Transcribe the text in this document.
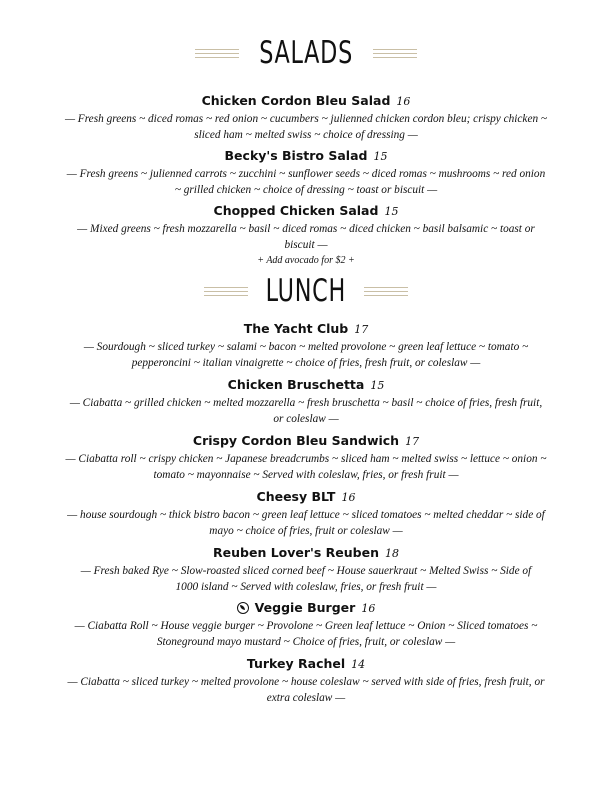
SALADS
Chicken Cordon Bleu Salad 16
— Fresh greens ~ diced romas ~ red onion ~ cucumbers ~ julienned chicken cordon bleu; crispy chicken ~
sliced ham ~ melted swiss ~ choice of dressing —
Becky's Bistro Salad 15
— Fresh greens ~ julienned carrots ~ zucchini ~ sunflower seeds ~ diced romas ~ mushrooms ~ red onion
~ grilled chicken ~ choice of dressing ~ toast or biscuit —
Chopped Chicken Salad 15
— Mixed greens ~ fresh mozzarella ~ basil ~ diced romas ~ diced chicken ~ basil balsamic ~ toast or
biscuit —
+ Add avocado for $2 +
LUNCH
The Yacht Club 17
— Sourdough ~ sliced turkey ~ salami ~ bacon ~ melted provolone ~ green leaf lettuce ~ tomato ~
pepperoncini ~ italian vinaigrette ~ choice of fries, fresh fruit, or coleslaw —
Chicken Bruschetta 15
— Ciabatta ~ grilled chicken ~ melted mozzarella ~ fresh bruschetta ~ basil ~ choice of fries, fresh fruit,
or coleslaw —
Crispy Cordon Bleu Sandwich 17
— Ciabatta roll ~ crispy chicken ~ Japanese breadcrumbs ~ sliced ham ~ melted swiss ~ lettuce ~ onion ~
tomato ~ mayonnaise ~ Served with coleslaw, fries, or fresh fruit —
Cheesy BLT 16
— house sourdough ~ thick bistro bacon ~ green leaf lettuce ~ sliced tomatoes ~ melted cheddar ~ side of
mayo ~ choice of fries, fruit or coleslaw —
Reuben Lover's Reuben 18
— Fresh baked Rye ~ Slow-roasted sliced corned beef ~ House sauerkraut ~ Melted Swiss ~ Side of
1000 island ~ Served with coleslaw, fries, or fresh fruit —
Veggie Burger 16
— Ciabatta Roll ~ House veggie burger ~ Provolone ~ Green leaf lettuce ~ Onion ~ Sliced tomatoes ~
Stoneground mayo mustard ~ Choice of fries, fruit, or coleslaw —
Turkey Rachel 14
— Ciabatta ~ sliced turkey ~ melted provolone ~ house coleslaw ~ served with side of fries, fresh fruit, or
extra coleslaw —
